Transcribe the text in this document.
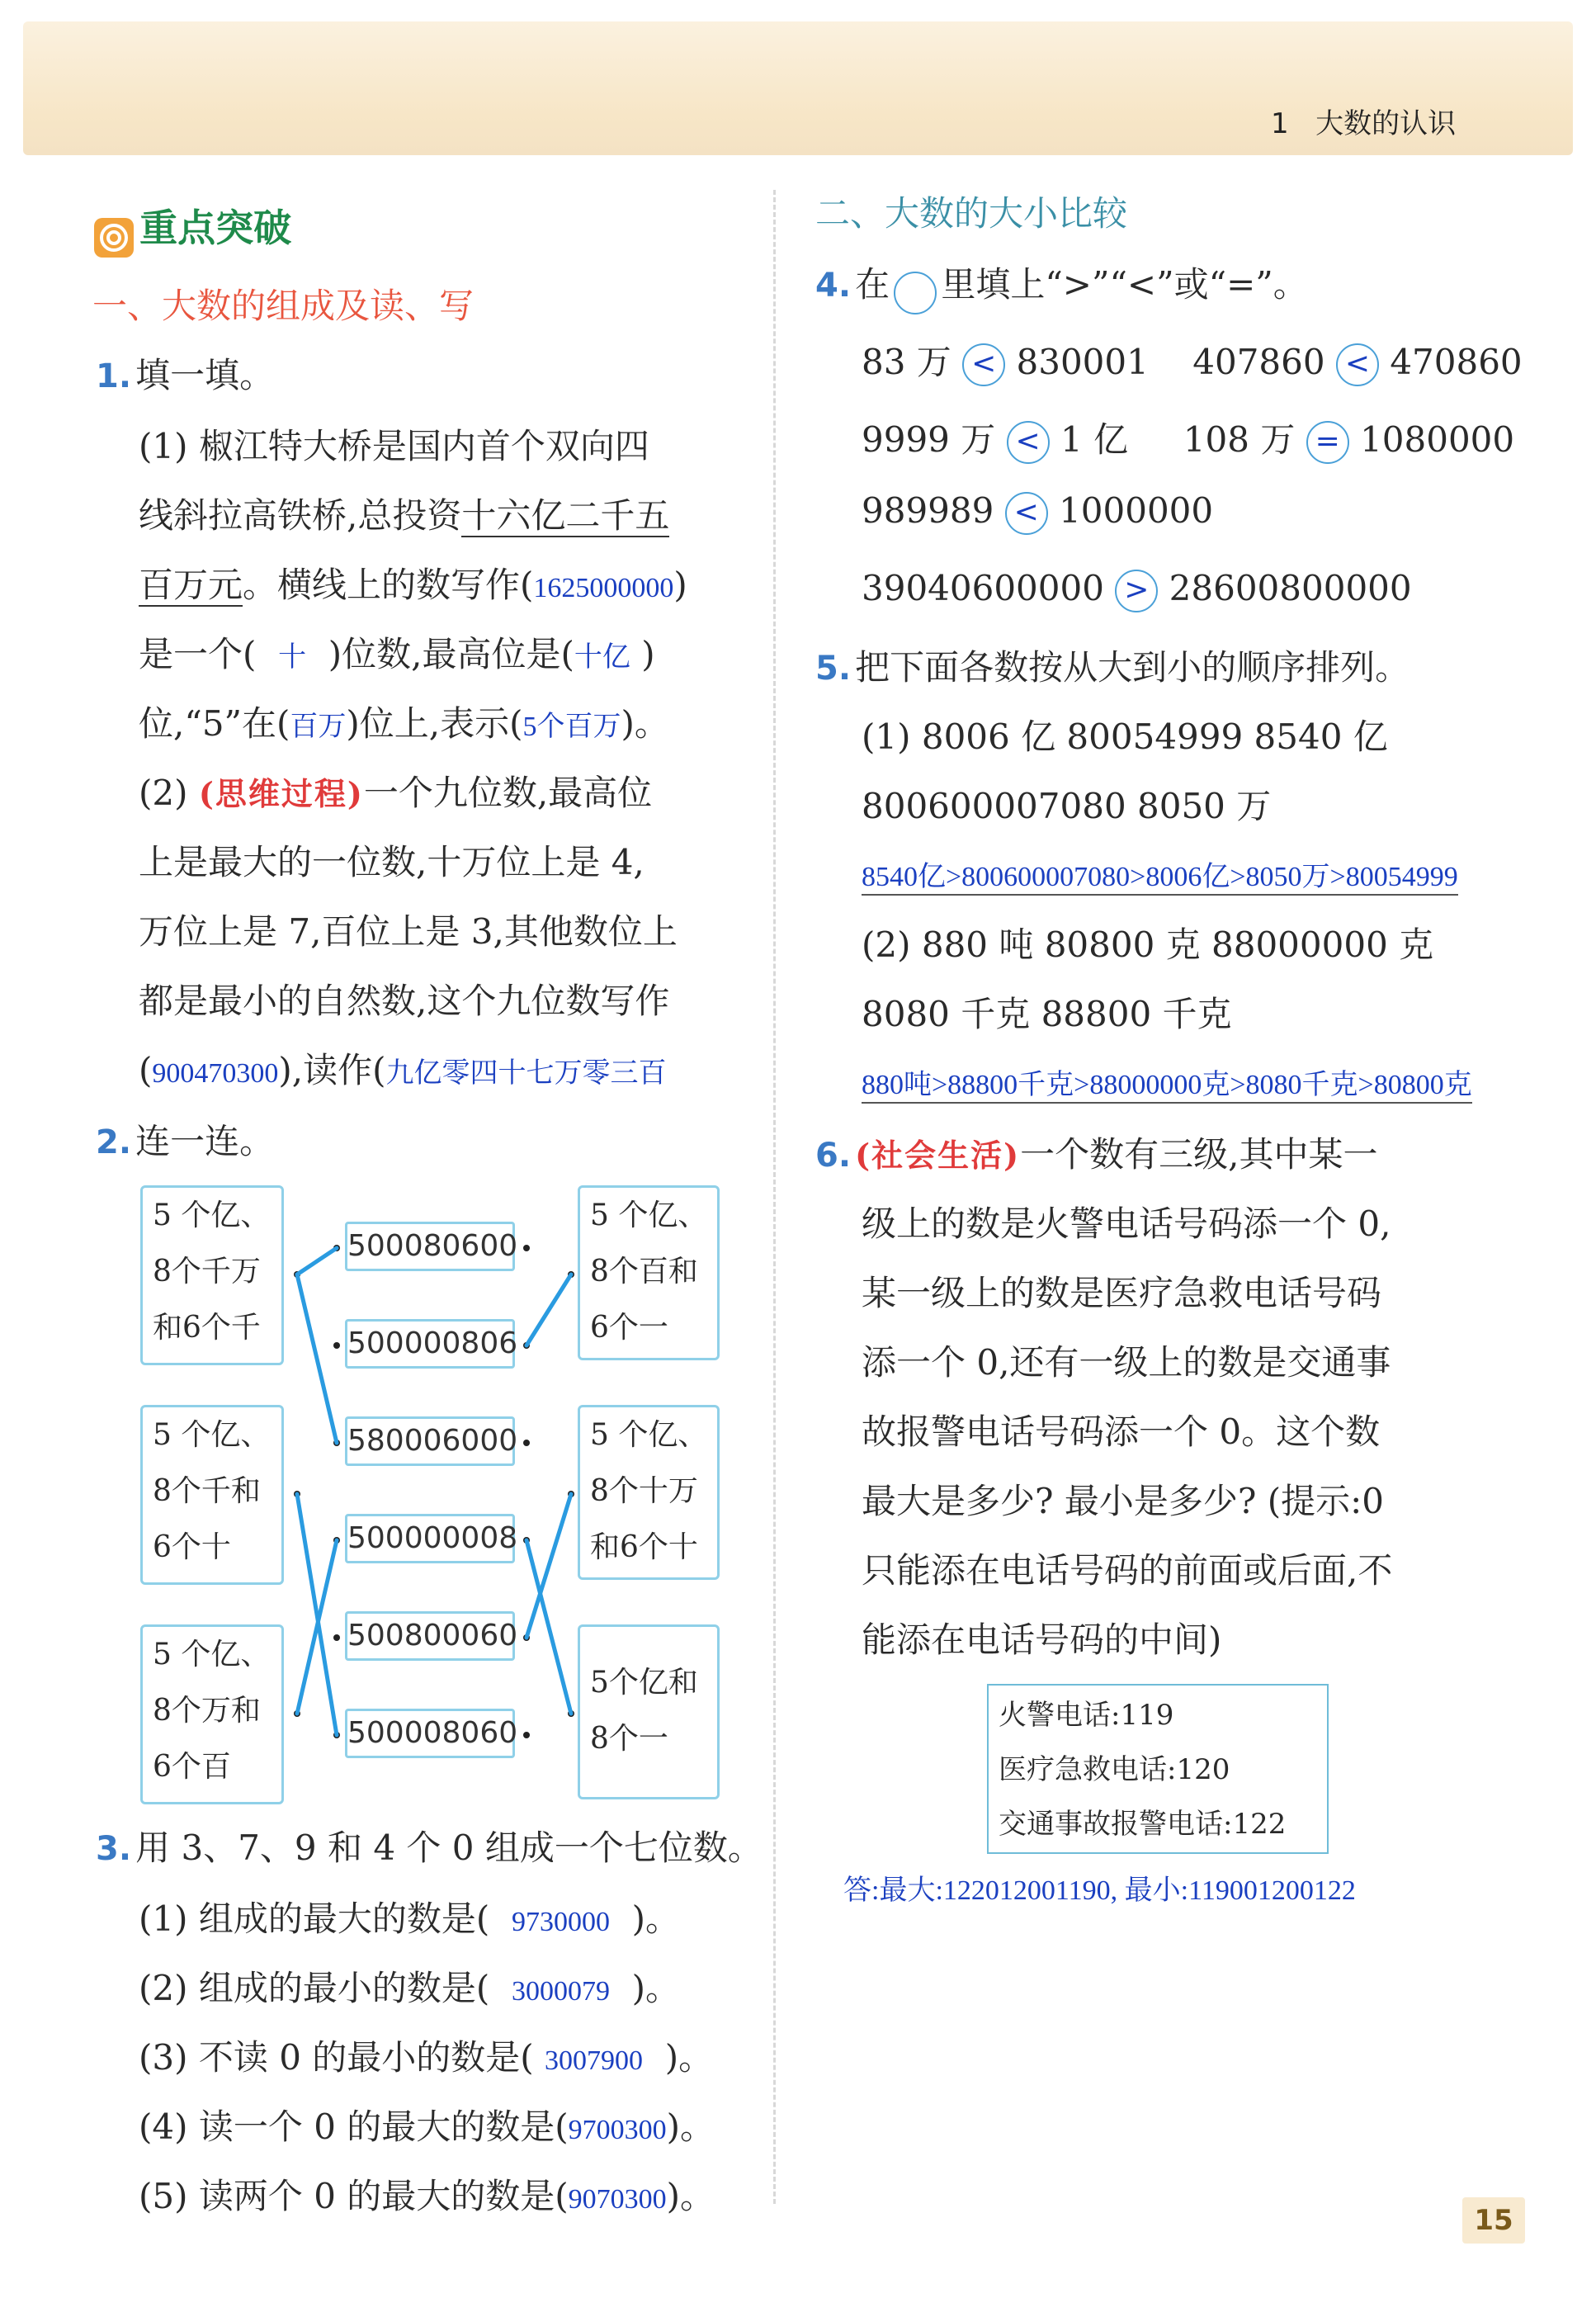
1 大数的认识
重点突破
一、大数的组成及读、写
1. 填一填。
(1) 椒江特大桥是国内首个双向四
线斜拉高铁桥,总投资十六亿二千五
百万元。横线上的数写作(1625000000)
是一个( 十 )位数,最高位是(十亿 )
位,“5”在(百万)位上,表示(5个百万)。
(2) (思维过程)一个九位数,最高位
上是最大的一位数,十万位上是 4,
万位上是 7,百位上是 3,其他数位上
都是最小的自然数,这个九位数写作
(900470300),读作(九亿零四十七万零三百
2. 连一连。
5 个亿、
8个千万
和6个千
5 个亿、
8个千和
6个十
5 个亿、
8个万和
6个百
500080600
500000806
580006000
500000008
500800060
500008060
5 个亿、
8个百和
6个一
5 个亿、
8个十万
和6个十
5个亿和
8个一
3. 用 3、7、9 和 4 个 0 组成一个七位数。
(1) 组成的最大的数是( 9730000 )。
(2) 组成的最小的数是( 3000079 )。
(3) 不读 0 的最小的数是( 3007900 )。
(4) 读一个 0 的最大的数是(9700300)。
(5) 读两个 0 的最大的数是(9070300)。
二、大数的大小比较
4. 在 里填上“>”“<”或“=”。
83 万 < 830001 407860 < 470860
9999 万 < 1 亿 108 万 = 1080000
989989 < 1000000
39040600000 > 28600800000
5. 把下面各数按从大到小的顺序排列。
(1) 8006 亿 80054999 8540 亿
800600007080 8050 万
8540亿>800600007080>8006亿>8050万>80054999
(2) 880 吨 80800 克 88000000 克
8080 千克 88800 千克
880吨>88800千克>88000000克>8080千克>80800克
6. (社会生活)一个数有三级,其中某一
级上的数是火警电话号码添一个 0,
某一级上的数是医疗急救电话号码
添一个 0,还有一级上的数是交通事
故报警电话号码添一个 0。这个数
最大是多少? 最小是多少? (提示:0
只能添在电话号码的前面或后面,不
能添在电话号码的中间)
火警电话:119
医疗急救电话:120
交通事故报警电话:122
答:最大:122012001190, 最小:119001200122
15
